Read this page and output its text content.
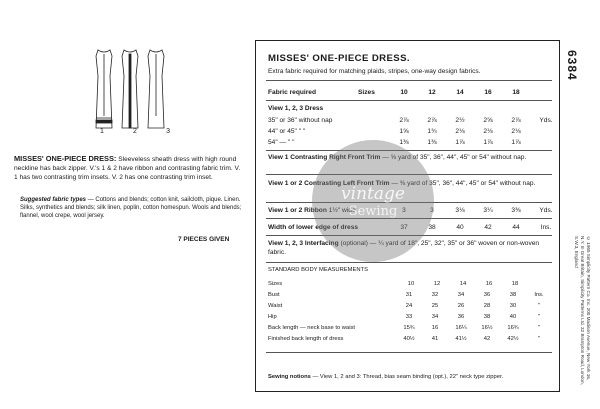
1	2	3
MISSES' ONE-PIECE DRESS: Sleeveless sheath dress with high round neckline has back zipper. V.'s 1 & 2 have ribbon and contrasting fabric trim. V. 1 has two contrasting trim insets. V. 2 has one contrasting trim inset.
Suggested fabric types — Cottons and blends; cotton knit, sailcloth, pique. Linen. Silks, synthetics and blends; silk linen, poplin, cotton homespun. Wools and blends; flannel, wool crepe, wool jersey.
7 PIECES GIVEN
6384
© 1965 Simplicity Pattern Co. Inc. 200 Madison Avenue, New York 16, N.Y. In Great Britain, Simplicity Patterns Ltd. 32 Brampton Road, London, S.W.3, England
MISSES' ONE-PIECE DRESS.
Extra fabric required for matching plaids, stripes, one-way design fabrics.
Fabric required	Sizes	10	12	14	16	18
View 1, 2, 3 Dress
35" or 36" without nap	2⅞	2⅞	2½	2⅝	2⅞	Yds.
44" or 45" " "	1⅝	1¾	2⅛	2⅛	2⅛
54" — " "	1⅜	1⅜	1⅞	1⅞	1⅞
View 1 Contrasting Right Front Trim — ⅝ yard of 35", 36", 44", 45" or 54" without nap.
View 1 or 2 Contrasting Left Front Trim — ⅜ yard of 35", 36", 44", 45" or 54" without nap.
View 1 or 2 Ribbon 1½" wide	3	3	3⅛	3¼	3⅜	Yds.
Width of lower edge of dress	37	38	40	42	44	Ins.
View 1, 2, 3 Interfacing (optional) — ¼ yard of 18", 25", 32", 35" or 36" woven or non-woven fabric.
STANDARD BODY MEASUREMENTS
Sizes	10	12	14	16	18
Bust	31	32	34	36	38	Ins.
Waist	24	25	26	28	30	"
Hip	33	34	36	38	40	"
Back length — neck base to waist	15¾	16	16¼	16½	16¾	"
Finished back length of dress	40½	41	41½	42	42½	"
Sewing notions — View 1, 2 and 3: Thread, bias seam binding (opt.), 22" neck type zipper.
vintage
Sewing
